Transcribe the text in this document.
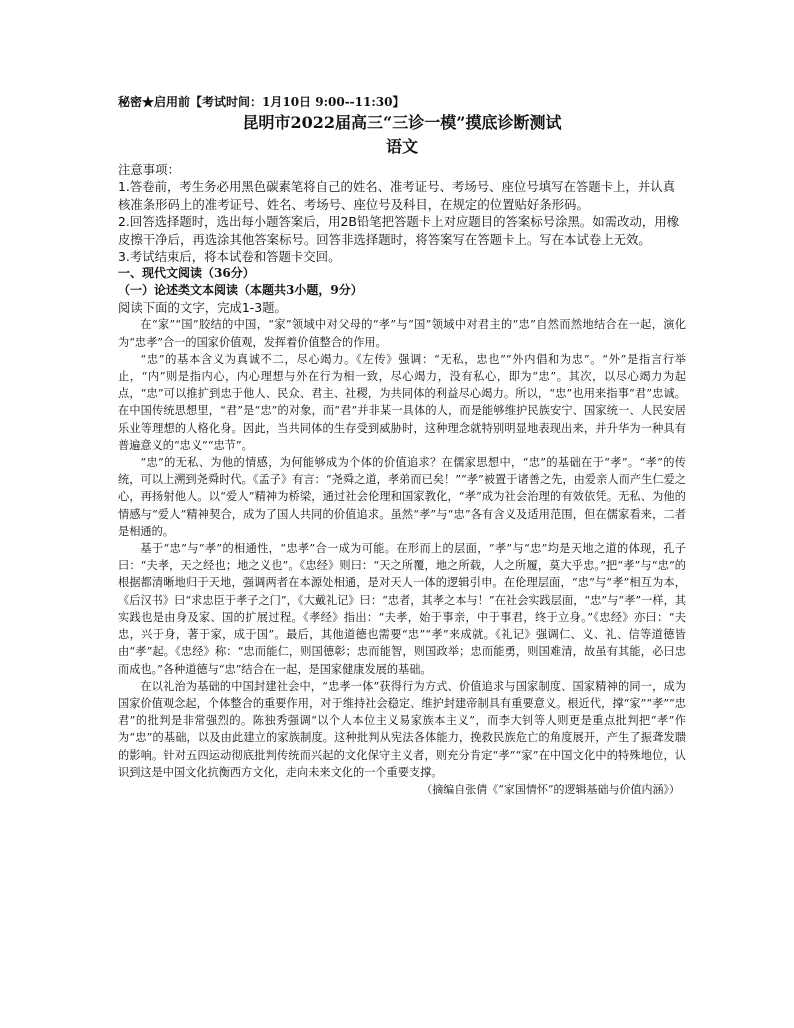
秘密★启用前【考试时间：1月10日 9:00--11:30】

昆明市2022届高三“三诊一模”摸底诊断测试
语文

注意事项：

1.答卷前，考生务必用黑色碳素笔将自己的姓名、准考证号、考场号、座位号填写在答题卡上，并认真核准条形码上的准考证号、姓名、考场号、座位号及科目，在规定的位置贴好条形码。

2.回答选择题时，选出每小题答案后，用2B铅笔把答题卡上对应题目的答案标号涂黑。如需改动，用橡皮擦干净后，再选涂其他答案标号。回答非选择题时，将答案写在答题卡上。写在本试卷上无效。

3.考试结束后，将本试卷和答题卡交回。

一、现代文阅读（36分）

（一）论述类文本阅读（本题共3小题，9分）

阅读下面的文字，完成1-3题。

在“家”“国”胶结的中国，“家”领域中对父母的“孝”与“国”领域中对君主的“忠”自然而然地结合在一起，演化为“忠孝”合一的国家价值观，发挥着价值整合的作用。

“忠”的基本含义为真诚不二，尽心竭力。《左传》强调：“无私，忠也”“外内倡和为忠”。“外”是指言行举止，“内”则是指内心，内心理想与外在行为相一致，尽心竭力，没有私心，即为“忠”。其次，以尽心竭力为起点，“忠”可以推扩到忠于他人、民众、君主、社稷，为共同体的利益尽心竭力。所以，“忠”也用来指事“君”忠诚。在中国传统思想里，“君”是“忠”的对象，而“君”并非某一具体的人，而是能够维护民族安宁、国家统一、人民安居乐业等理想的人格化身。因此，当共同体的生存受到威胁时，这种理念就特别明显地表现出来，并升华为一种具有普遍意义的“忠义”“忠节”。

“忠”的无私、为他的情感，为何能够成为个体的价值追求？在儒家思想中，“忠”的基础在于“孝”。“孝”的传统，可以上溯到尧舜时代。《孟子》有言：“尧舜之道，孝弟而已矣！”“孝”被置于诸善之先，由爱亲人而产生仁爱之心，再扬射他人。以“爱人”精神为桥梁，通过社会伦理和国家教化，“孝”成为社会治理的有效依凭。无私、为他的情感与“爱人”精神契合，成为了国人共同的价值追求。虽然“孝”与“忠”各有含义及适用范围，但在儒家看来，二者是相通的。

基于“忠”与“孝”的相通性，“忠孝”合一成为可能。在形而上的层面，“孝”与“忠”均是天地之道的体现，孔子曰：“夫孝，天之经也；地之义也”。《忠经》则曰：“天之所覆，地之所载，人之所履，莫大乎忠。”把“孝”与“忠”的根据都清晰地归于天地，强调两者在本源处相通，是对天人一体的逻辑引申。在伦理层面，“忠”与“孝”相互为本，《后汉书》曰“求忠臣于孝子之门”，《大戴礼记》曰：“忠者，其孝之本与！”在社会实践层面，“忠”与“孝”一样，其实践也是由身及家、国的扩展过程。《孝经》指出：“夫孝，始于事亲，中于事君，终于立身。”《忠经》亦曰：“夫忠，兴于身，著于家，成于国”。最后，其他道德也需要“忠”“孝”来成就。《礼记》强调仁、义、礼、信等道德皆由“孝”起。《忠经》称：“忠而能仁，则国德彰；忠而能智，则国政举；忠而能勇，则国难清，故虽有其能，必曰忠而成也。”各种道德与“忠”结合在一起，是国家健康发展的基础。

在以礼治为基础的中国封建社会中，“忠孝一体”获得行为方式、价值追求与国家制度、国家精神的同一，成为国家价值观念起，个体整合的重要作用，对于维持社会稳定、维护封建帝制具有重要意义。根近代，撑“家”“孝”“忠君”的批判是非常强烈的。陈独秀强调“以个人本位主义易家族本主义”，而李大钊等人则更是重点批判把“孝”作为“忠”的基础，以及由此建立的家族制度。这种批判从宪法各体能力，挽救民族危亡的角度展开，产生了振聋发聩的影响。针对五四运动彻底批判传统而兴起的文化保守主义者，则充分肯定“孝”“家”在中国文化中的特殊地位，认识到这是中国文化抗衡西方文化，走向未来文化的一个重要支撑。

（摘编自张倩《“家国情怀”的逻辑基础与价值内涵》）
